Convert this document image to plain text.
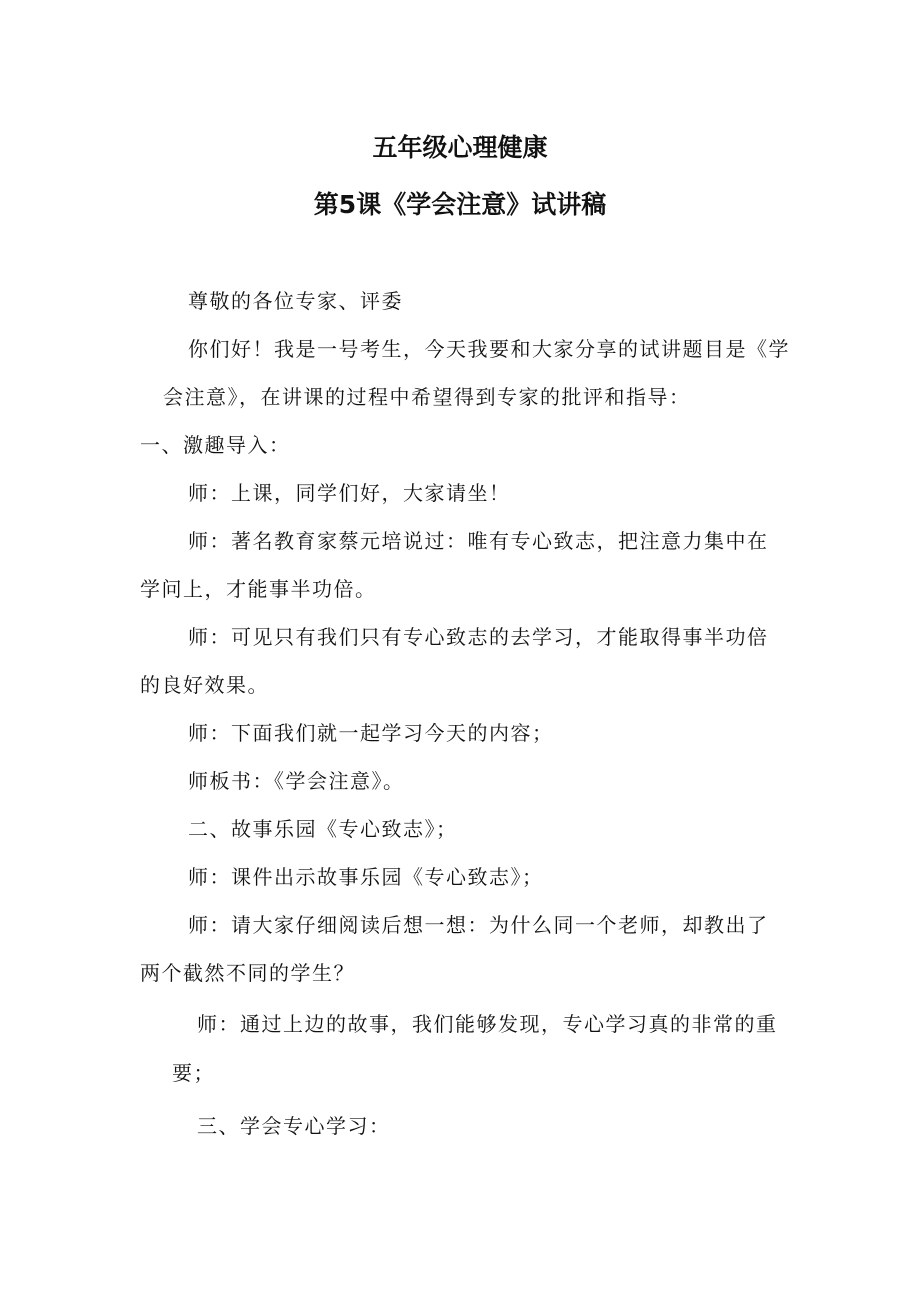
五年级心理健康
第5课《学会注意》试讲稿
尊敬的各位专家、评委
你们好！我是一号考生，今天我要和大家分享的试讲题目是《学
会注意》，在讲课的过程中希望得到专家的批评和指导：
一、激趣导入：
师：上课，同学们好，大家请坐！
师：著名教育家蔡元培说过：唯有专心致志，把注意力集中在
学问上，才能事半功倍。
师：可见只有我们只有专心致志的去学习，才能取得事半功倍
的良好效果。
师：下面我们就一起学习今天的内容；
师板书：《学会注意》。
二、故事乐园《专心致志》；
师：课件出示故事乐园《专心致志》；
师：请大家仔细阅读后想一想：为什么同一个老师，却教出了
两个截然不同的学生？
师：通过上边的故事，我们能够发现，专心学习真的非常的重
要；
三、学会专心学习：
